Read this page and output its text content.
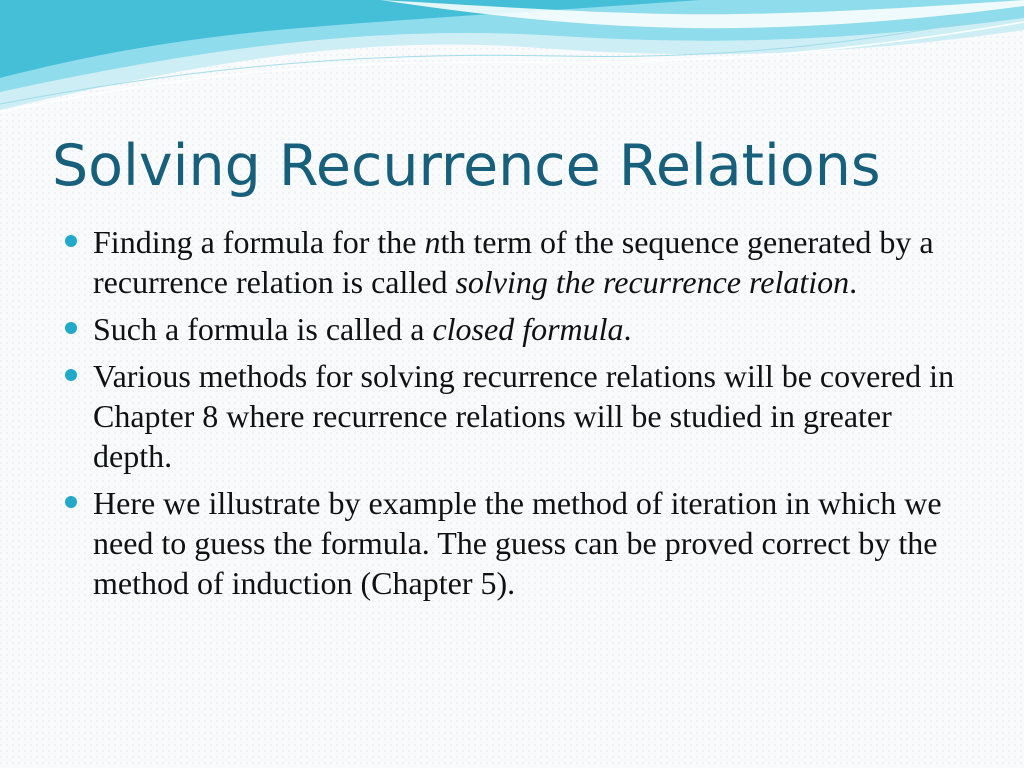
Solving Recurrence Relations
Finding a formula for the nth term of the sequence generated by a recurrence relation is called solving the recurrence relation.
Such a formula is called a closed formula.
Various methods for solving recurrence relations will be covered in Chapter 8 where recurrence relations will be studied in greater depth.
Here we illustrate by example the method of iteration in which we need to guess the formula. The guess can be proved correct by the method of induction (Chapter 5).
